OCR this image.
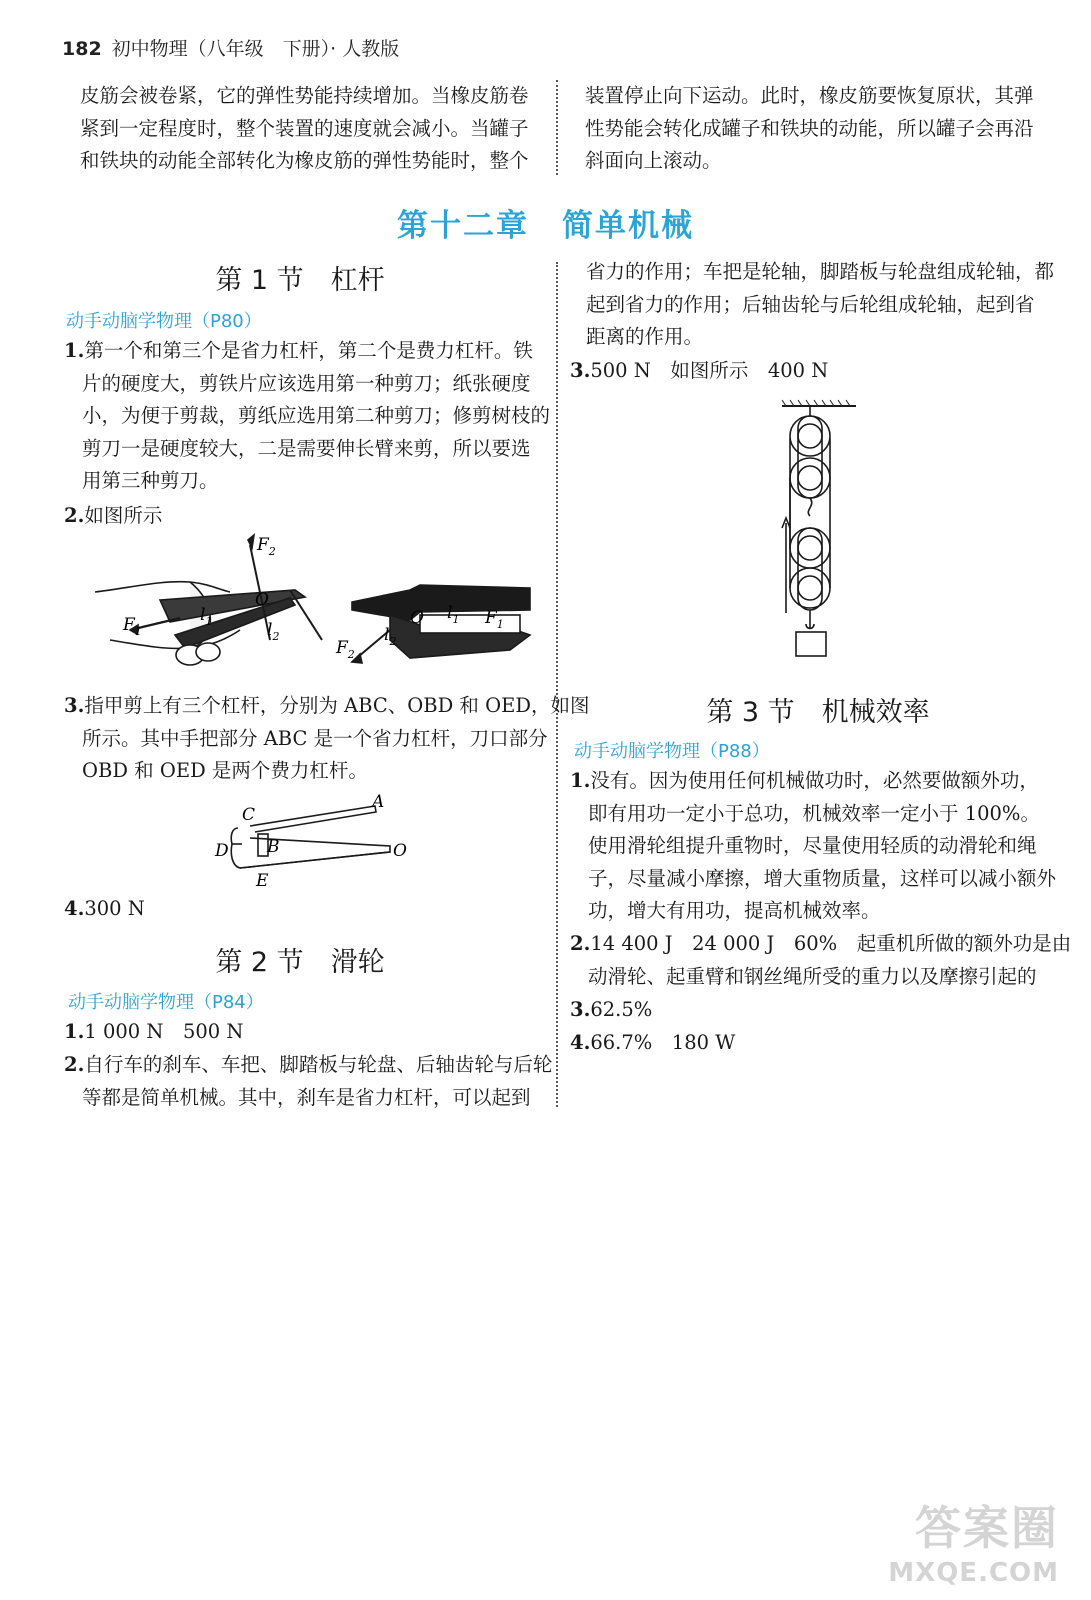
182 初中物理（八年级　下册）· 人教版
皮筋会被卷紧，它的弹性势能持续增加。当橡皮筋卷
紧到一定程度时，整个装置的速度就会减小。当罐子
和铁块的动能全部转化为橡皮筋的弹性势能时，整个
装置停止向下运动。此时，橡皮筋要恢复原状，其弹
性势能会转化成罐子和铁块的动能，所以罐子会再沿
斜面向上滚动。
第十二章　简单机械
第 1 节　杠杆
动手动脑学物理（P80）
1.第一个和第三个是省力杠杆，第二个是费力杠杆。铁
片的硬度大，剪铁片应该选用第一种剪刀；纸张硬度
小，为便于剪裁，剪纸应选用第二种剪刀；修剪树枝的
剪刀一是硬度较大，二是需要伸长臂来剪，所以要选
用第三种剪刀。
2.如图所示
$F_2$
O
$l_1$	$l_2$
$F_1$
O $l_1$
$l_2$
$F_1$
$F_2$
3.指甲剪上有三个杠杆，分别为 ABC、OBD 和 OED，如图
所示。其中手把部分 ABC 是一个省力杠杆，刀口部分
OBD 和 OED 是两个费力杠杆。
C
A
B
D	O
E
4.300 N
第 2 节　滑轮
动手动脑学物理（P84）
1.1 000 N　500 N
2.自行车的刹车、车把、脚踏板与轮盘、后轴齿轮与后轮
等都是简单机械。其中，刹车是省力杠杆，可以起到
省力的作用；车把是轮轴，脚踏板与轮盘组成轮轴，都
起到省力的作用；后轴齿轮与后轮组成轮轴，起到省
距离的作用。
3.500 N　如图所示　400 N
第 3 节　机械效率
动手动脑学物理（P88）
1.没有。因为使用任何机械做功时，必然要做额外功，
即有用功一定小于总功，机械效率一定小于 100%。
使用滑轮组提升重物时，尽量使用轻质的动滑轮和绳
子，尽量减小摩擦，增大重物质量，这样可以减小额外
功，增大有用功，提高机械效率。
2.14 400 J　24 000 J　60%　起重机所做的额外功是由
动滑轮、起重臂和钢丝绳所受的重力以及摩擦引起的
3.62.5%
4.66.7%　180 W
答案圈
MXQE.COM
